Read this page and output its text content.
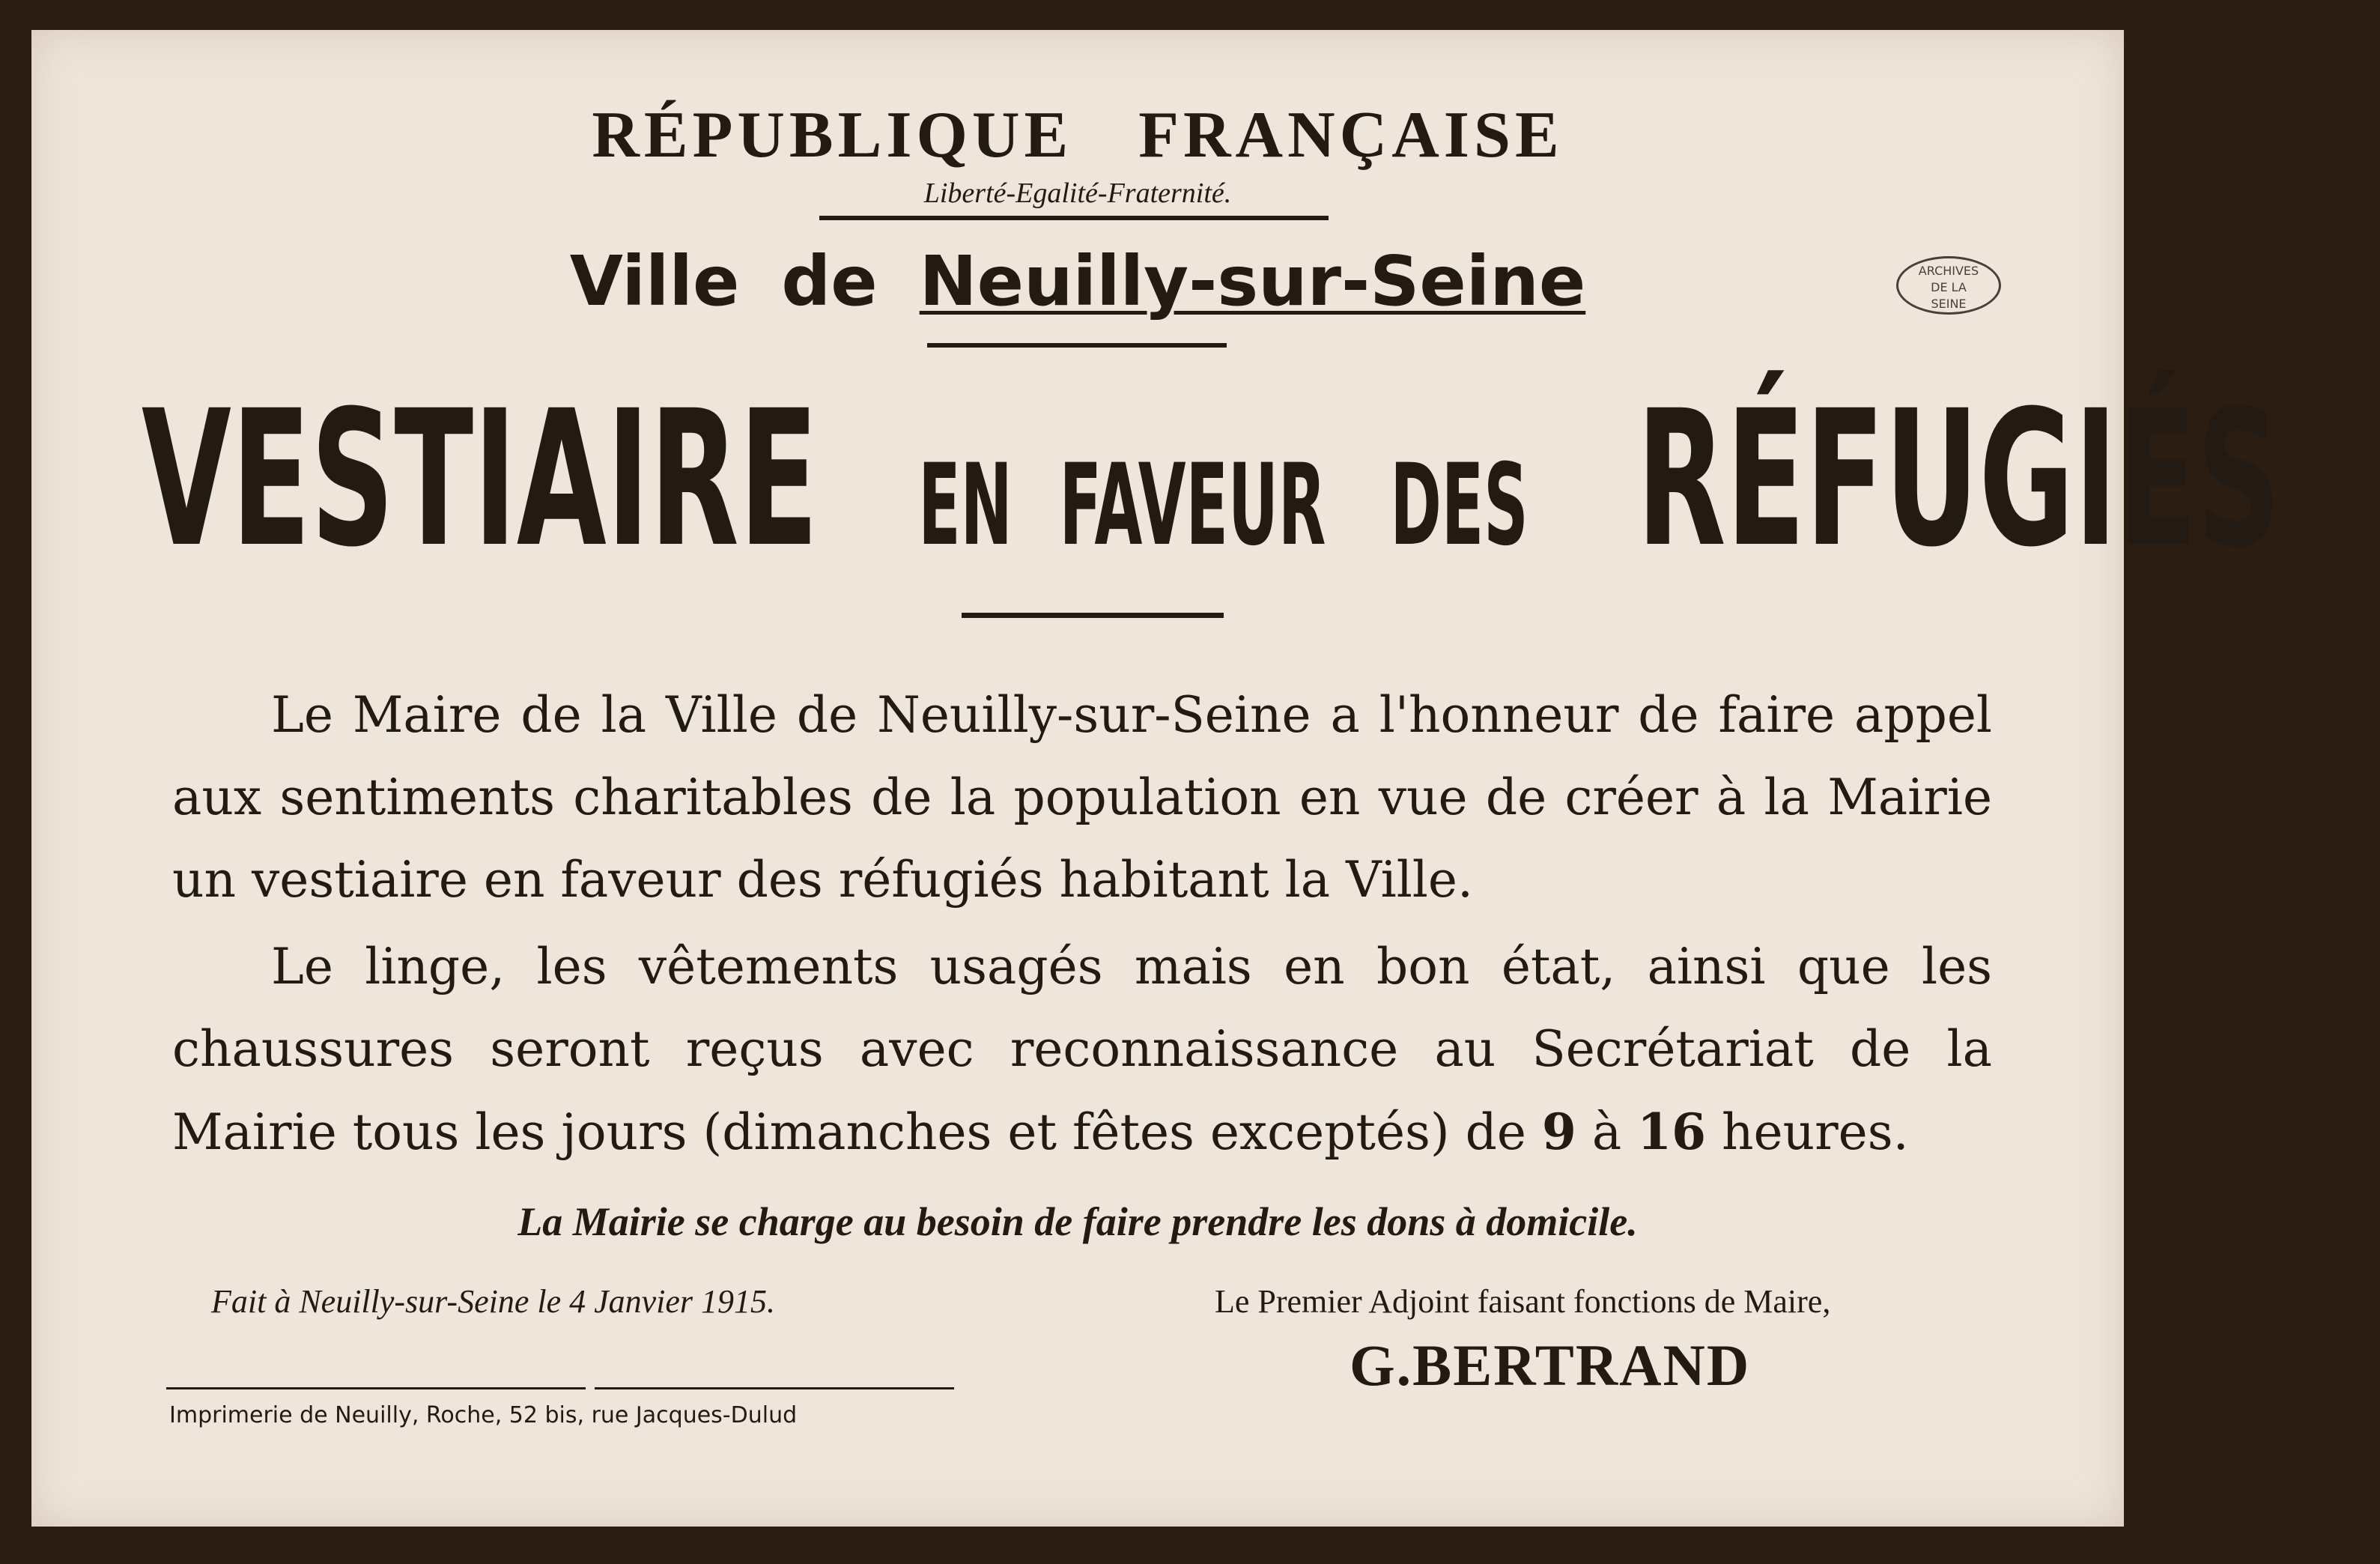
RÉPUBLIQUE FRANÇAISE
Liberté-Egalité-Fraternité.
Ville de Neuilly-sur-Seine	ARCHIVES
DE LA
SEINE
VESTIAIRE EN FAVEUR DES RÉFUGIÉS
Le Maire de la Ville de Neuilly-sur-Seine a l'honneur de faire appel
aux sentiments charitables de la population en vue de créer à la Mairie
un vestiaire en faveur des réfugiés habitant la Ville.
Le linge, les vêtements usagés mais en bon état, ainsi que les
chaussures seront reçus avec reconnaissance au Secrétariat de la
Mairie tous les jours (dimanches et fêtes exceptés) de 9 à 16 heures.
La Mairie se charge au besoin de faire prendre les dons à domicile.
Fait à Neuilly-sur-Seine le 4 Janvier 1915.	Le Premier Adjoint faisant fonctions de Maire,
G.BERTRAND
Imprimerie de Neuilly, Roche, 52 bis, rue Jacques-Dulud
